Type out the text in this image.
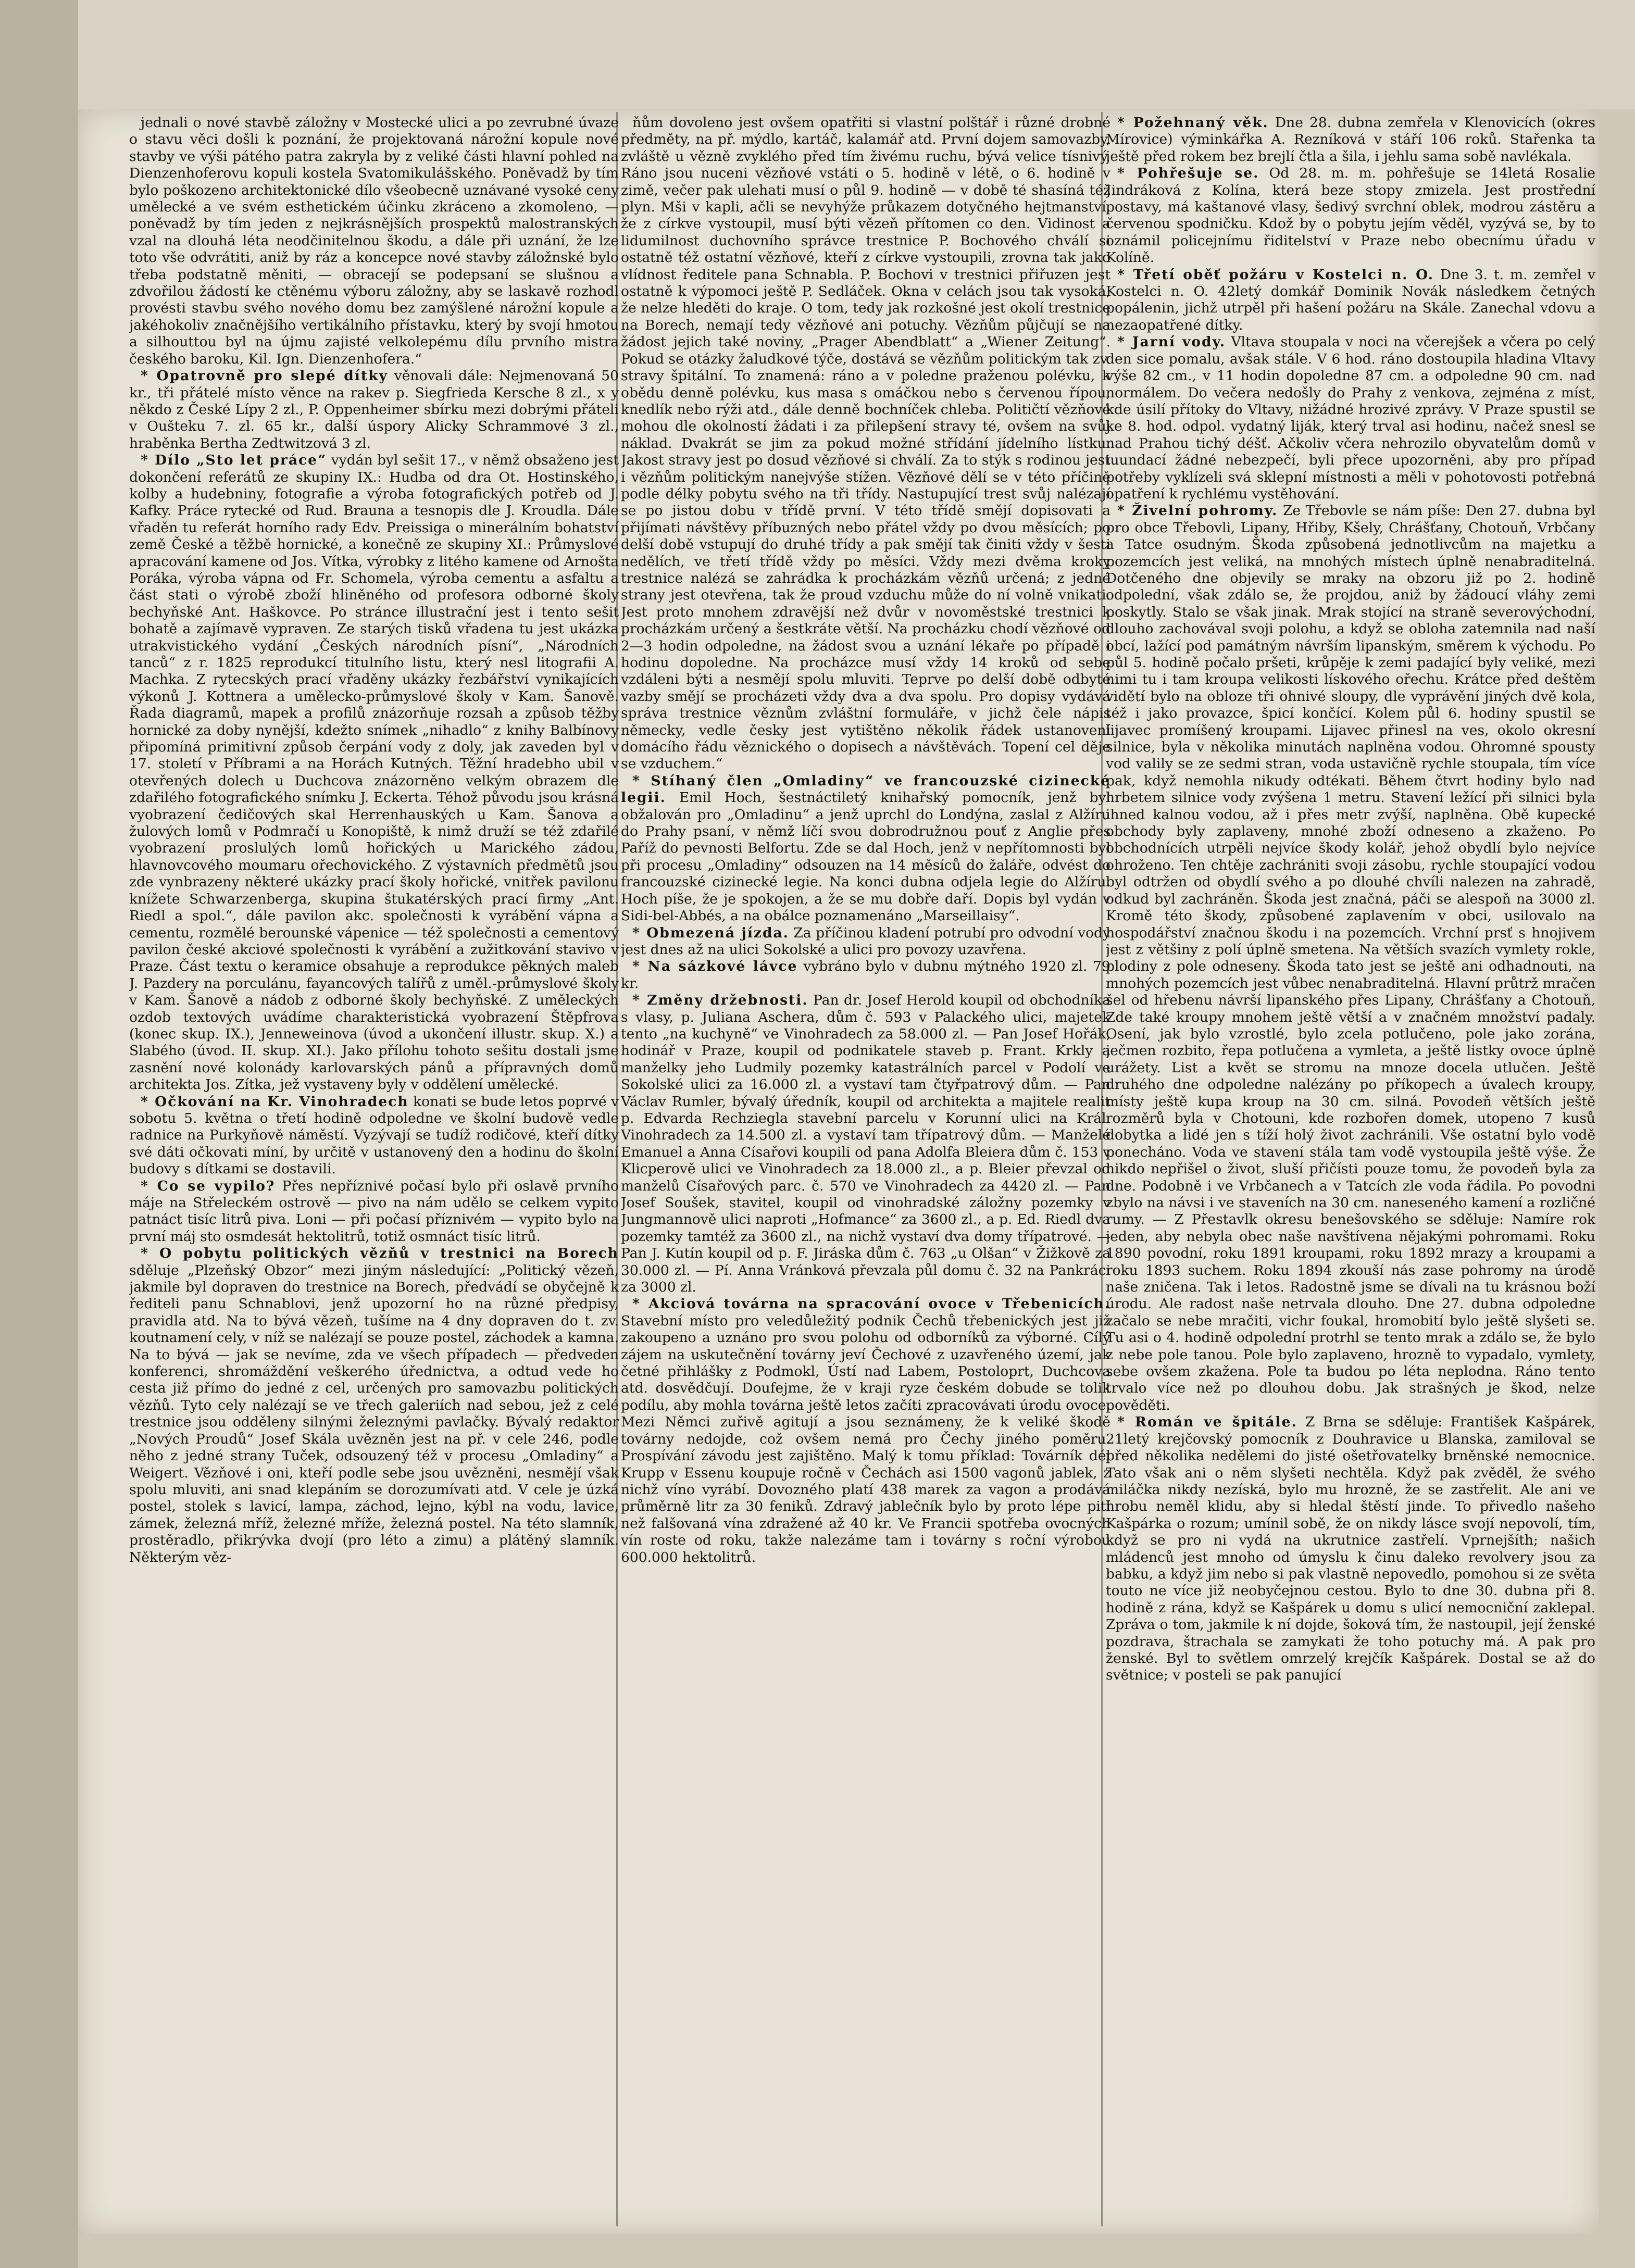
jednali o nové stavbě záložny v Mostecké ulici a po zevrubné úvaze o stavu věci došli k poznání, že projektovaná nárožní kopule nové stavby ve výši pátého patra zakryla by z veliké části hlavní pohled na Dienzenhoferovu kopuli kostela Svatomikulášského. Poněvadž by tím bylo poškozeno architektonické dílo všeobecně uznávané vysoké ceny umělecké a ve svém esthetickém účinku zkráceno a zkomoleno, — poněvadž by tím jeden z nejkrásnějších prospektů malostranských vzal na dlouhá léta neodčinitelnou škodu, a dále při uznání, že lze toto vše odvrátiti, aniž by ráz a koncepce nové stavby záložnské bylo třeba podstatně měniti, — obracejí se podepsaní se slušnou a zdvořilou žádostí ke ctěnému výboru záložny, aby se laskavě rozhodl provésti stavbu svého nového domu bez zamýšlené nárožní kopule a jakéhokoliv značnějšího vertikálního přístavku, který by svojí hmotou a silhouttou byl na újmu zajisté velkolepému dílu prvního mistra českého baroku, Kil. Ign. Dienzenhofera.“

* Opatrovně pro slepé dítky věnovali dále: Nejmenovaná 50 kr., tři přátelé místo věnce na rakev p. Siegfrieda Kersche 8 zl., x y někdo z České Lípy 2 zl., P. Oppenheimer sbírku mezi dobrými přáteli v Oušteku 7. zl. 65 kr., další úspory Alicky Schrammové 3 zl., hraběnka Bertha Zedtwitzová 3 zl.

* Dílo „Sto let práce“ vydán byl sešit 17., v němž obsaženo jest dokončení referátů ze skupiny IX.: Hudba od dra Ot. Hostinského, kolby a hudebniny, fotografie a výroba fotografických potřeb od J. Kafky. Práce rytecké od Rud. Brauna a tesnopis dle J. Kroudla. Dále vřaděn tu referát horního rady Edv. Preissiga o minerálním bohatství země České a těžbě hornické, a konečně ze skupiny XI.: Průmyslové apracování kamene od Jos. Vítka, výrobky z litého kamene od Arnošta Poráka, výroba vápna od Fr. Schomela, výroba cementu a asfaltu a část stati o výrobě zboží hliněného od profesora odborné školy bechyňské Ant. Haškovce. Po stránce illustrační jest i tento sešit bohatě a zajímavě vypraven. Ze starých tisků vřadena tu jest ukázka utrakvistického vydání „Českých národních písní“, „Národních tanců“ z r. 1825 reprodukcí titulního listu, který nesl litografii A. Machka. Z rytecských prací vřaděny ukázky řezbářství vynikajících výkonů J. Kottnera a umělecko-průmyslové školy v Kam. Šanově. Řada diagramů, mapek a profilů znázorňuje rozsah a způsob těžby hornické za doby nynější, kdežto snímek „nihadlo“ z knihy Balbínovy připomíná primitivní způsob čerpání vody z doly, jak zaveden byl v 17. století v Příbrami a na Horách Kutných. Těžní hradebho ubil v otevřených dolech u Duchcova znázorněno velkým obrazem dle zdařilého fotografického snímku J. Eckerta. Téhož původu jsou krásná vyobrazení čedičových skal Herrenhauských u Kam. Šanova a žulových lomů v Podmračí u Konopiště, k nimž druží se též zdařilé vyobrazení proslulých lomů hořických u Marického zádou, hlavnovcového moumaru ořechovického. Z výstavních předmětů jsou zde vynbrazeny některé ukázky prací školy hořické, vnitřek pavilonu knížete Schwarzenberga, skupina štukatérských prací firmy „Ant. Riedl a spol.“, dále pavilon akc. společnosti k vyrábění vápna a cementu, rozmělé berounské vápenice — též společnosti a cementový pavilon české akciové společnosti k vyrábění a zužitkování stavivo v Praze. Část textu o keramice obsahuje a reprodukce pěkných maleb J. Pazdery na porculánu, fayancových talířů z uměl.-průmyslové školy v Kam. Šanově a nádob z odborné školy bechyňské. Z uměleckých ozdob textových uvádíme charakteristická vyobrazení Štěpfrova (konec skup. IX.), Jenneweinova (úvod a ukončení illustr. skup. X.) a Slabého (úvod. II. skup. XI.). Jako přílohu tohoto sešitu dostali jsme zasnění nové kolonády karlovarských pánů a přípravných domů architekta Jos. Zítka, jež vystaveny byly v oddělení umělecké.

* Očkování na Kr. Vinohradech konati se bude letos poprvé v sobotu 5. května o třetí hodině odpoledne ve školní budově vedle radnice na Purkyňově náměstí. Vyzývají se tudíž rodičové, kteří dítky své dáti očkovati míní, by určitě v ustanovený den a hodinu do školní budovy s dítkami se dostavili.

* Co se vypilo? Přes nepříznivé počasí bylo při oslavě prvního máje na Střeleckém ostrově — pivo na nám udělo se celkem vypito patnáct tisíc litrů piva. Loni — při počasí příznivém — vypito bylo na první máj sto osmdesát hektolitrů, totiž osmnáct tisíc litrů.

* O pobytu politických vězňů v trestnici na Borech sděluje „Plzeňský Obzor“ mezi jiným následující: „Politický vězeň, jakmile byl dopraven do trestnice na Borech, předvádí se obyčejně k řediteli panu Schnablovi, jenž upozorní ho na různé předpisy, pravidla atd. Na to bývá vězeň, tušíme na 4 dny dopraven do t. zv. koutnamení cely, v níž se nalézají se pouze postel, záchodek a kamna. Na to bývá — jak se nevíme, zda ve všech případech — předveden konferenci, shromáždění veškerého úřednictva, a odtud vede ho cesta již přímo do jedné z cel, určených pro samovazbu politických vězňů. Tyto cely nalézají se ve třech galeriích nad sebou, jež z celé trestnice jsou odděleny silnými železnými pavlačky. Bývalý redaktor „Nových Proudů“ Josef Skála uvězněn jest na př. v cele 246, podle něho z jedné strany Tuček, odsouzený též v procesu „Omladiny“ a Weigert. Vězňové i oni, kteří podle sebe jsou uvězněni, nesmějí však spolu mluviti, ani snad klepáním se dorozumívati atd. V cele je úzká postel, stolek s lavicí, lampa, záchod, lejno, kýbl na vodu, lavice, zámek, železná mříž, železné mříže, železná postel. Na této slamník, prostěradlo, přikrývka dvojí (pro léto a zimu) a plátěný slamník. Některým věz-

ňům dovoleno jest ovšem opatřiti si vlastní polštář i různé drobné předměty, na př. mýdlo, kartáč, kalamář atd. První dojem samovazby, zvláště u vězně zvyklého před tím živému ruchu, bývá velice tísnivý. Ráno jsou nuceni vězňové vstáti o 5. hodině v létě, o 6. hodině v zimě, večer pak ulehati musí o půl 9. hodině — v době té shasíná též plyn. Mši v kapli, ačli se nevyhýže průkazem dotyčného hejtmanství, že z církve vystoupil, musí býti vězeň přítomen co den. Vidinost a lidumilnost duchovního správce trestnice P. Bochového chválí si ostatně též ostatní vězňové, kteří z církve vystoupili, zrovna tak jako vlídnost ředitele pana Schnabla. P. Bochovi v trestnici přiřuzen jest ostatně k výpomoci ještě P. Sedláček. Okna v celách jsou tak vysoká, že nelze hleděti do kraje. O tom, tedy jak rozkošné jest okolí trestnice na Borech, nemají tedy vězňové ani potuchy. Vězňům půjčují se na žádost jejich také noviny, „Prager Abendblatt“ a „Wiener Zeitung“. Pokud se otázky žaludkové týče, dostává se vězňům politickým tak zv. stravy špitální. To znamená: ráno a v poledne praženou polévku, k obědu denně polévku, kus masa s omáčkou nebo s červenou řípou, knedlík nebo rýži atd., dále denně bochníček chleba. Političtí vězňové mohou dle okolností žádati i za přilepšení stravy té, ovšem na svůj náklad. Dvakrát se jim za pokud možné střídání jídelního lístku. Jakost stravy jest po dosud vězňové si chválí. Za to stýk s rodinou jest i vězňům politickým nanejvýše stížen. Vězňové dělí se v této příčině podle délky pobytu svého na tři třídy. Nastupující trest svůj nalézají se po jistou dobu v třídě první. V této třídě smějí dopisovati a přijímati návštěvy příbuzných nebo přátel vždy po dvou měsících; po delší době vstupují do druhé třídy a pak smějí tak činiti vždy v šesti nedělích, ve třetí třídě vždy po měsíci. Vždy mezi dvěma kroky trestnice nalézá se zahrádka k procházkám vězňů určená; z jedné strany jest otevřena, tak že proud vzduchu může do ní volně vnikati. Jest proto mnohem zdravější než dvůr v novoměstské trestnici k procházkám určený a šestkráte větší. Na procházku chodí vězňové od 2—3 hodin odpoledne, na žádost svou a uznání lékaře po případě i hodinu dopoledne. Na procházce musí vždy 14 kroků od sebe vzdáleni býti a nesmějí spolu mluviti. Teprve po delší době odbyté vazby smějí se procházeti vždy dva a dva spolu. Pro dopisy vydává správa trestnice věznům zvláštní formuláře, v jichž čele nápis německy, vedle česky jest vytištěno několik řádek ustanovení domácího řádu věznického o dopisech a návštěvách. Topení cel děje se vzduchem.“

* Stíhaný člen „Omladiny“ ve francouzské cizinecké legii. Emil Hoch, šestnáctiletý knihařský pomocník, jenž byl obžalován pro „Omladinu“ a jenž uprchl do Londýna, zaslal z Alžíru do Prahy psaní, v němž líčí svou dobrodružnou pouť z Anglie přes Paříž do pevnosti Belfortu. Zde se dal Hoch, jenž v nepřítomnosti byl při procesu „Omladiny“ odsouzen na 14 měsíců do žaláře, odvést do francouzské cizinecké legie. Na konci dubna odjela legie do Alžíru. Hoch píše, že je spokojen, a že se mu dobře daří. Dopis byl vydán v Sidi-bel-Abbés, a na obálce poznamenáno „Marseillaisy“.

* Obmezená jízda. Za příčinou kladení potrubí pro odvodní vody jest dnes až na ulici Sokolské a ulici pro povozy uzavřena.

* Na sázkové lávce vybráno bylo v dubnu mýtného 1920 zl. 79 kr.

* Změny držebnosti. Pan dr. Josef Herold koupil od obchodníka s vlasy, p. Juliana Aschera, dům č. 593 v Palackého ulici, majetek tento „na kuchyně“ ve Vinohradech za 58.000 zl. — Pan Josef Hořák, hodinář v Praze, koupil od podnikatele staveb p. Frant. Krkly a manželky jeho Ludmily pozemky katastrálních parcel v Podolí ve Sokolské ulici za 16.000 zl. a vystaví tam čtyřpatrový dům. — Pan Václav Rumler, bývalý úředník, koupil od architekta a majitele realit p. Edvarda Rechziegla stavební parcelu v Korunní ulici na Král. Vinohradech za 14.500 zl. a vystaví tam třípatrový dům. — Manželé Emanuel a Anna Císařovi koupili od pana Adolfa Bleiera dům č. 153 v Klicperově ulici ve Vinohradech za 18.000 zl., a p. Bleier převzal od manželů Císařových parc. č. 570 ve Vinohradech za 4420 zl. — Pan Josef Soušek, stavitel, koupil od vinohradské záložny pozemky v Jungmannově ulici naproti „Hofmance“ za 3600 zl., a p. Ed. Riedl dva pozemky tamtéž za 3600 zl., na nichž vystaví dva domy třípatrové. — Pan J. Kutín koupil od p. F. Jiráska dům č. 763 „u Olšan“ v Žižkově za 30.000 zl. — Pí. Anna Vránková převzala půl domu č. 32 na Pankráci za 3000 zl.

* Akciová továrna na spracování ovoce v Třebenicích. Stavební místo pro veledůležitý podnik Čechů třebenických jest již zakoupeno a uznáno pro svou polohu od odborníků za výborné. Cílý zájem na uskutečnění továrny jeví Čechové z uzavřeného území, jak četné přihlášky z Podmokl, Ústí nad Labem, Postoloprt, Duchcova atd. dosvědčují. Doufejme, že v kraji ryze českém dobude se tolik podílu, aby mohla továrna ještě letos začíti zpracovávati úrodu ovoce. Mezi Němci zuřivě agitují a jsou seznámeny, že k veliké škodě továrny nedojde, což ovšem nemá pro Čechy jiného poměru. Prospívání závodu jest zajištěno. Malý k tomu příklad: Továrník dél Krupp v Essenu koupuje ročně v Čechách asi 1500 vagonů jablek, z nichž víno vyrábí. Dovozného platí 438 marek za vagon a prodává průměrně litr za 30 feniků. Zdravý jablečník bylo by proto lépe pití než falšovaná vína zdražené až 40 kr. Ve Francii spotřeba ovocných vín roste od roku, takže nalezáme tam i továrny s roční výrobou 600.000 hektolitrů.

* Požehnaný věk. Dne 28. dubna zemřela v Klenovicích (okres Mírovice) výminkářka A. Rezníková v stáří 106 roků. Stařenka ta ještě před rokem bez brejlí čtla a šila, i jehlu sama sobě navlékala.

* Pohřešuje se. Od 28. m. m. pohřešuje se 14letá Rosalie Jindráková z Kolína, která beze stopy zmizela. Jest prostřední postavy, má kaštanové vlasy, šedivý svrchní oblek, modrou zástěru a červenou spodničku. Kdož by o pobytu jejím věděl, vyzývá se, by to oznámil policejnímu řiditelství v Praze nebo obecnímu úřadu v Kolíně.

* Třetí oběť požáru v Kostelci n. O. Dne 3. t. m. zemřel v Kostelci n. O. 42letý domkář Dominik Novák následkem četných popálenin, jichž utrpěl při hašení požáru na Skále. Zanechal vdovu a nezaopatřené dítky.

* Jarní vody. Vltava stoupala v noci na včerejšek a včera po celý den sice pomalu, avšak stále. V 6 hod. ráno dostoupila hladina Vltavy výše 82 cm., v 11 hodin dopoledne 87 cm. a odpoledne 90 cm. nad normálem. Do večera nedošly do Prahy z venkova, zejména z míst, kde úsilí přítoky do Vltavy, nižádné hrozivé zprávy. V Praze spustil se ke 8. hod. odpol. vydatný liják, který trval asi hodinu, načež snesl se nad Prahou tichý déšť. Ačkoliv včera nehrozilo obyvatelům domů v iuundací žádné nebezpečí, byli přece upozorněni, aby pro případ potřeby vyklízeli svá sklepní místnosti a měli v pohotovosti potřebná opatření k rychlému vystěhování.

* Živelní pohromy. Ze Třebovle se nám píše: Den 27. dubna byl pro obce Třebovli, Lipany, Hřiby, Kšely, Chrášťany, Chotouň, Vrbčany a Tatce osudným. Škoda způsobená jednotlivcům na majetku a pozemcích jest veliká, na mnohých místech úplně nenabraditelná. Dotčeného dne objevily se mraky na obzoru již po 2. hodině odpolední, však zdálo se, že projdou, aniž by žádoucí vláhy zemi poskytly. Stalo se však jinak. Mrak stojící na straně severovýchodní, dlouho zachovával svoji polohu, a když se obloha zatemnila nad naší obcí, lažící pod památným návrším lipanským, směrem k východu. Po půl 5. hodině počalo pršeti, krůpěje k zemi padající byly veliké, mezi nimi tu i tam kroupa velikosti lískového ořechu. Krátce před deštěm vidětí bylo na obloze tři ohnivé sloupy, dle vyprávění jiných dvě kola, též i jako provazce, špicí končící. Kolem půl 6. hodiny spustil se lijavec promíšený kroupami. Lijavec přinesl na ves, okolo okresní silnice, byla v několika minutách naplněna vodou. Ohromné spousty vod valily se ze sedmi stran, voda ustavičně rychle stoupala, tím více pak, když nemohla nikudy odtékati. Během čtvrt hodiny bylo nad hrbetem silnice vody zvýšena 1 metru. Stavení ležící při silnici byla ihned kalnou vodou, až i přes metr zvýší, naplněna. Obě kupecké obchody byly zaplaveny, mnohé zboží odneseno a zkaženo. Po obchodnících utrpěli nejvíce škody kolář, jehož obydlí bylo nejvíce ohroženo. Ten chtěje zachrániti svoji zásobu, rychle stoupající vodou byl odtržen od obydlí svého a po dlouhé chvíli nalezen na zahradě, odkud byl zachráněn. Škoda jest značná, páči se alespoň na 3000 zl. Kromě této škody, způsobené zaplavením v obci, usilovalo na hospodářství značnou škodu i na pozemcích. Vrchní prsť s hnojivem jest z většiny z polí úplně smetena. Na větších svazích vymlety rokle, plodiny z pole odneseny. Škoda tato jest se ještě ani odhadnouti, na mnohých pozemcích jest vůbec nenabraditelná. Hlavní průtrž mračen šel od hřebenu návrší lipanského přes Lipany, Chrášťany a Chotouň, Zde také kroupy mnohem ještě větší a v značném množství padaly. Osení, jak bylo vzrostlé, bylo zcela potlučeno, pole jako zorána, ječmen rozbito, řepa potlučena a vymleta, a ještě listky ovoce úplně urážety. List a květ se stromu na mnoze docela utlučen. Ještě druhého dne odpoledne nalézány po příkopech a úvalech kroupy, místy ještě kupa kroup na 30 cm. silná. Povodeň větších ještě rozměrů byla v Chotouni, kde rozbořen domek, utopeno 7 kusů dobytka a lidé jen s tíží holý život zachránili. Vše ostatní bylo vodě ponecháno. Voda ve stavení stála tam vodě vystoupila ještě výše. Že nikdo nepřišel o život, sluší přičísti pouze tomu, že povodeň byla za dne. Podobně i ve Vrbčanech a v Tatcích zle voda řádila. Po povodni zbylo na návsi i ve staveních na 30 cm. naneseného kamení a rozličné rumy. — Z Přestavlk okresu benešovského se sděluje: Namíre rok jeden, aby nebyla obec naše navštívena nějakými pohromami. Roku 1890 povodní, roku 1891 kroupami, roku 1892 mrazy a kroupami a roku 1893 suchem. Roku 1894 zkouší nás zase pohromy na úrodě naše zničena. Tak i letos. Radostně jsme se dívali na tu krásnou boží úrodu. Ale radost naše netrvala dlouho. Dne 27. dubna odpoledne začalo se nebe mračiti, vichr foukal, hromobití bylo ještě slyšeti se. Tu asi o 4. hodině odpolední protrhl se tento mrak a zdálo se, že bylo z nebe pole tanou. Pole bylo zaplaveno, hrozně to vypadalo, vymlety, sebe ovšem zkažena. Pole ta budou po léta neplodna. Ráno tento trvalo více než po dlouhou dobu. Jak strašných je škod, nelze pověděti.

* Román ve špitále. Z Brna se sděluje: František Kašpárek, 21letý krejčovský pomocník z Douhravice u Blanska, zamiloval se před několika nedělemi do jisté ošetřovatelky brněnské nemocnice. Tato však ani o něm slyšeti nechtěla. Když pak zvěděl, že svého miláčka nikdy nezíská, bylo mu hrozně, že se zastřelit. Ale ani ve hrobu neměl klidu, aby si hledal štěstí jinde. To přivedlo našeho Kašpárka o rozum; umínil sobě, že on nikdy lásce svojí nepovolí, tím, když se pro ni vydá na ukrutnice zastřelí. Vprnejšíth; našich mládenců jest mnoho od úmyslu k činu daleko revolvery jsou za babku, a když jim nebo si pak vlastně nepovedlo, pomohou si ze světa touto ne více již neobyčejnou cestou. Bylo to dne 30. dubna při 8. hodině z rána, když se Kašpárek u domu s ulicí nemocniční zaklepal. Zpráva o tom, jakmile k ní dojde, šoková tím, že nastoupil, její ženské pozdrava, štrachala se zamykati že toho potuchy má. A pak pro ženské. Byl to světlem omrzelý krejčík Kašpárek. Dostal se až do světnice; v posteli se pak panující
